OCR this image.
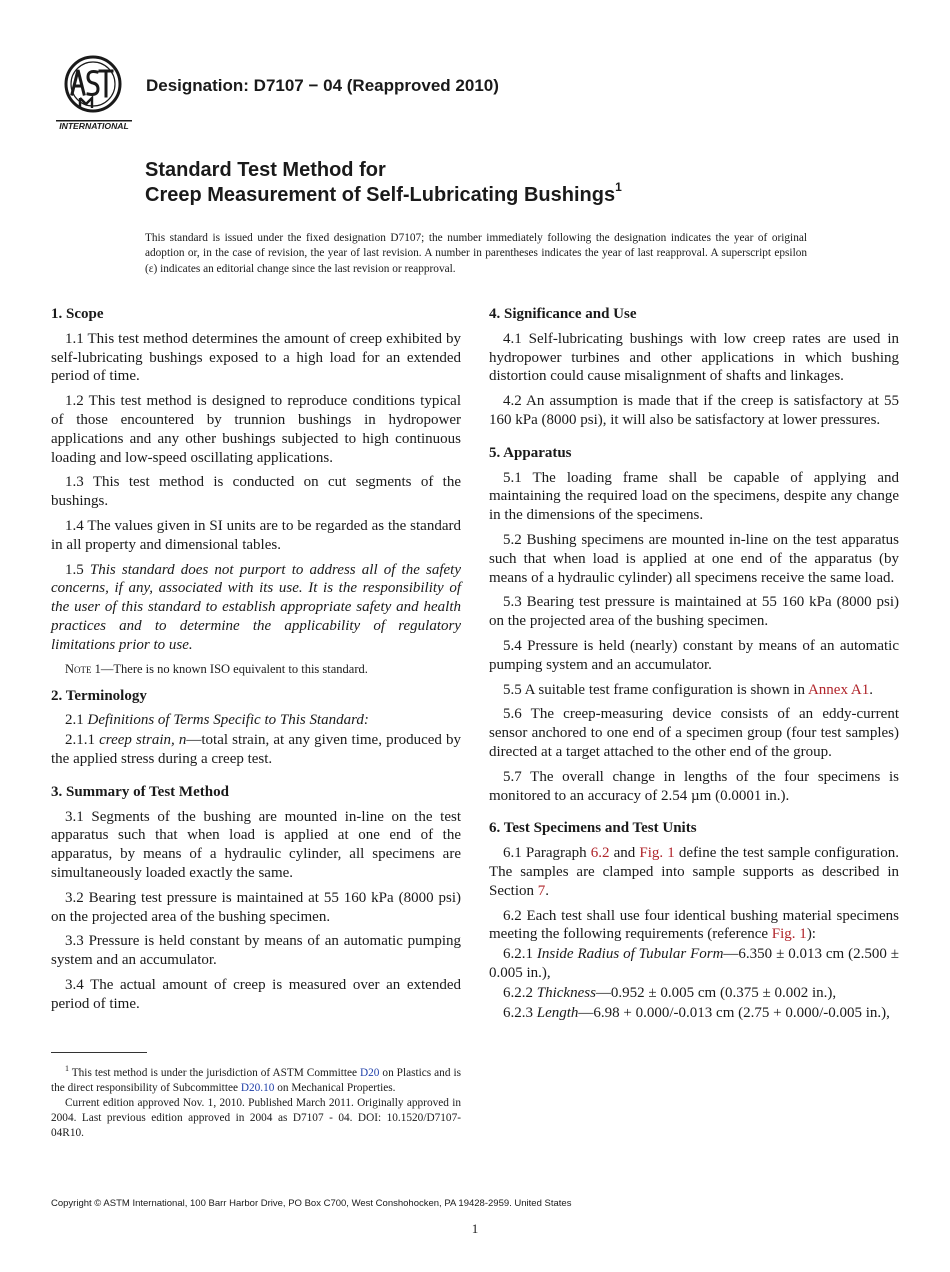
INTERNATIONAL
Designation: D7107 − 04 (Reapproved 2010)
Standard Test Method for
Creep Measurement of Self-Lubricating Bushings$^1$
This standard is issued under the fixed designation D7107; the number immediately following the designation indicates the year of original adoption or, in the case of revision, the year of last revision. A number in parentheses indicates the year of last reapproval. A superscript epsilon (ε) indicates an editorial change since the last revision or reapproval.
1. Scope

1.1 This test method determines the amount of creep exhibited by self-lubricating bushings exposed to a high load for an extended period of time.

1.2 This test method is designed to reproduce conditions typical of those encountered by trunnion bushings in hydropower applications and any other bushings subjected to high continuous loading and low-speed oscillating applications.

1.3 This test method is conducted on cut segments of the bushings.

1.4 The values given in SI units are to be regarded as the standard in all property and dimensional tables.

1.5 This standard does not purport to address all of the safety concerns, if any, associated with its use. It is the responsibility of the user of this standard to establish appropriate safety and health practices and to determine the applicability of regulatory limitations prior to use.

Note 1—There is no known ISO equivalent to this standard.
2. Terminology

2.1 Definitions of Terms Specific to This Standard:

2.1.1 creep strain, n—total strain, at any given time, produced by the applied stress during a creep test.

3. Summary of Test Method

3.1 Segments of the bushing are mounted in-line on the test apparatus such that when load is applied at one end of the apparatus, by means of a hydraulic cylinder, all specimens are simultaneously loaded exactly the same.

3.2 Bearing test pressure is maintained at 55 160 kPa (8000 psi) on the projected area of the bushing specimen.

3.3 Pressure is held constant by means of an automatic pumping system and an accumulator.

3.4 The actual amount of creep is measured over an extended period of time.

4. Significance and Use

4.1 Self-lubricating bushings with low creep rates are used in hydropower turbines and other applications in which bushing distortion could cause misalignment of shafts and linkages.

4.2 An assumption is made that if the creep is satisfactory at 55 160 kPa (8000 psi), it will also be satisfactory at lower pressures.

5. Apparatus

5.1 The loading frame shall be capable of applying and maintaining the required load on the specimens, despite any change in the dimensions of the specimens.

5.2 Bushing specimens are mounted in-line on the test apparatus such that when load is applied at one end of the apparatus (by means of a hydraulic cylinder) all specimens receive the same load.

5.3 Bearing test pressure is maintained at 55 160 kPa (8000 psi) on the projected area of the bushing specimen.

5.4 Pressure is held (nearly) constant by means of an automatic pumping system and an accumulator.

5.5 A suitable test frame configuration is shown in Annex A1.

5.6 The creep-measuring device consists of an eddy-current sensor anchored to one end of a specimen group (four test samples) directed at a target attached to the other end of the group.

5.7 The overall change in lengths of the four specimens is monitored to an accuracy of 2.54 µm (0.0001 in.).

6. Test Specimens and Test Units

6.1 Paragraph 6.2 and Fig. 1 define the test sample configuration. The samples are clamped into sample supports as described in Section 7.

6.2 Each test shall use four identical bushing material specimens meeting the following requirements (reference Fig. 1):

6.2.1 Inside Radius of Tubular Form—6.350 ± 0.013 cm (2.500 ± 0.005 in.),

6.2.2 Thickness—0.952 ± 0.005 cm (0.375 ± 0.002 in.),

6.2.3 Length—6.98 + 0.000/-0.013 cm (2.75 + 0.000/-0.005 in.),

$^1$ This test method is under the jurisdiction of ASTM Committee D20 on Plastics and is the direct responsibility of Subcommittee D20.10 on Mechanical Properties.

Current edition approved Nov. 1, 2010. Published March 2011. Originally approved in 2004. Last previous edition approved in 2004 as D7107 - 04. DOI: 10.1520/D7107-04R10.

Copyright © ASTM International, 100 Barr Harbor Drive, PO Box C700, West Conshohocken, PA 19428-2959. United States
1
